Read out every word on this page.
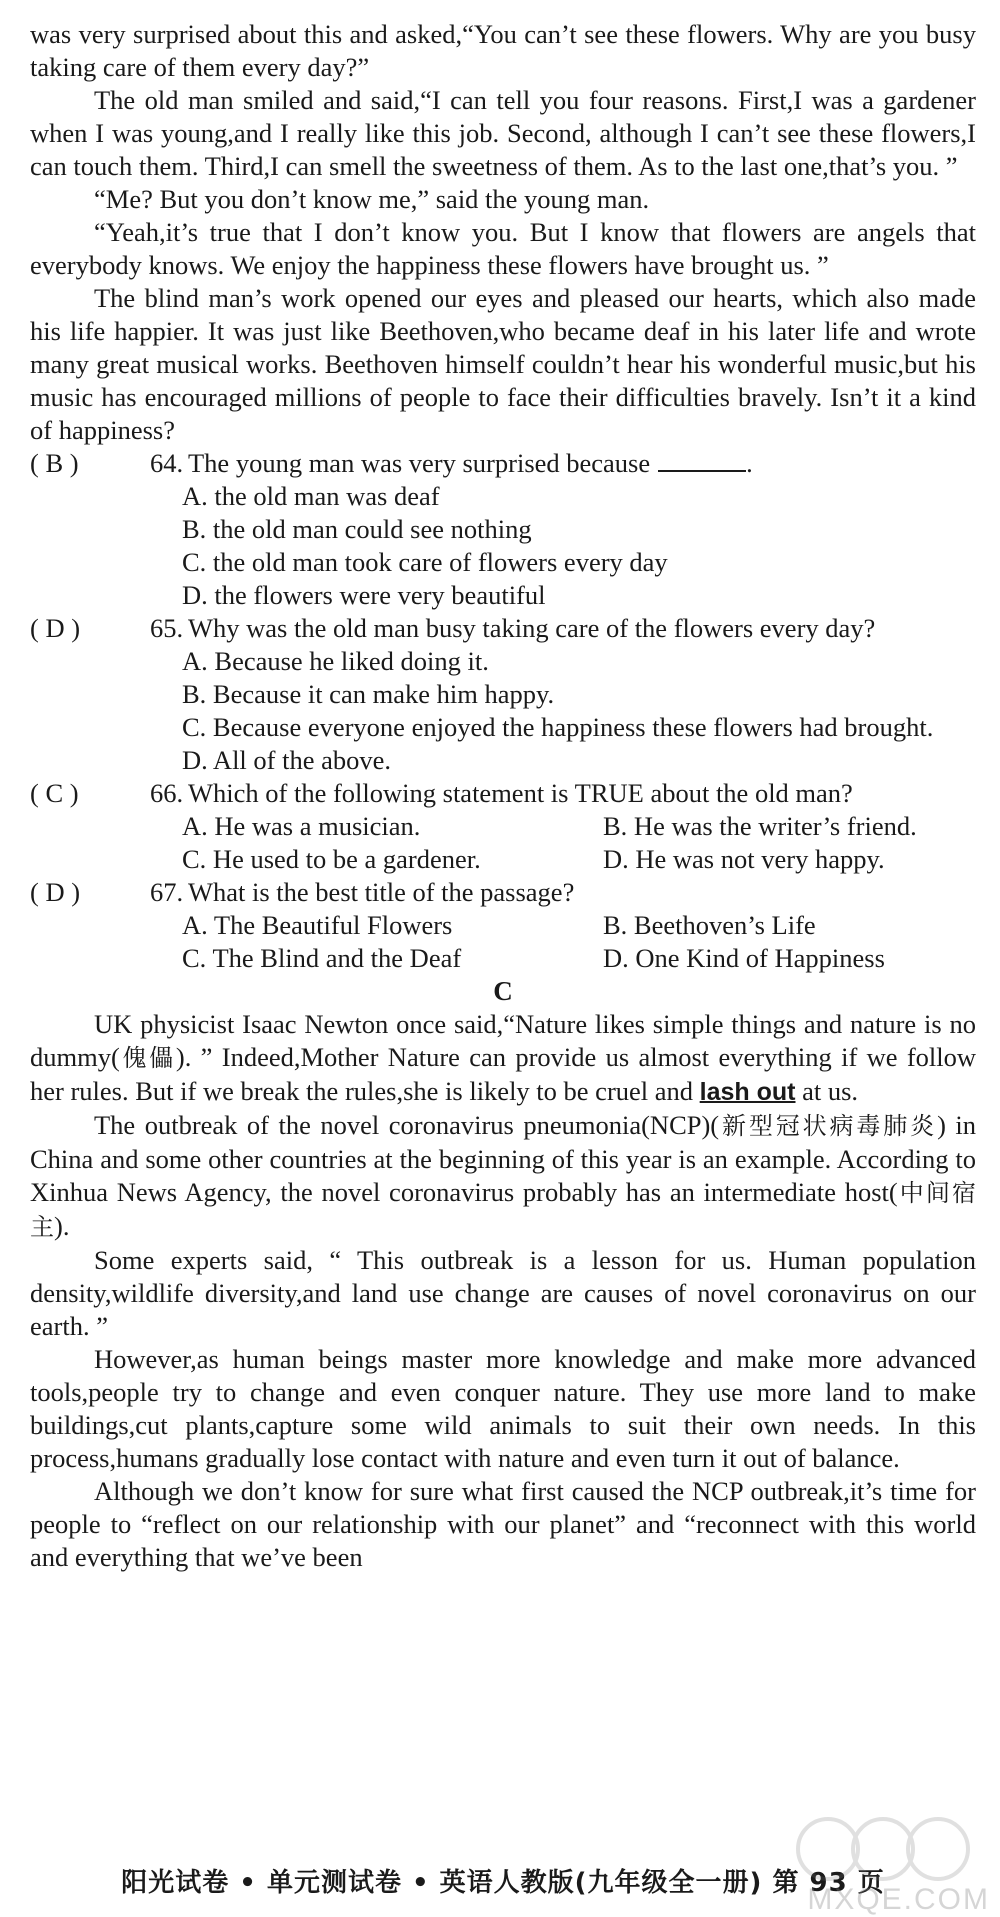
was very surprised about this and asked,“You can’t see these flowers. Why are you busy taking care of them every day?”

The old man smiled and said,“I can tell you four reasons. First,I was a gardener when I was young,and I really like this job. Second, although I can’t see these flowers,I can touch them. Third,I can smell the sweetness of them. As to the last one,that’s you. ”

“Me? But you don’t know me,” said the young man.

“Yeah,it’s true that I don’t know you. But I know that flowers are angels that everybody knows. We enjoy the happiness these flowers have brought us. ”

The blind man’s work opened our eyes and pleased our hearts, which also made his life happier. It was just like Beethoven,who became deaf in his later life and wrote many great musical works. Beethoven himself couldn’t hear his wonderful music,but his music has encouraged millions of people to face their difficulties bravely. Isn’t it a kind of happiness?

( B )	64. The young man was very surprised because	.

A. the old man was deaf

B. the old man could see nothing

C. the old man took care of flowers every day

D. the flowers were very beautiful

( D )	65. Why was the old man busy taking care of the flowers every day?

A. Because he liked doing it.

B. Because it can make him happy.

C. Because everyone enjoyed the happiness these flowers had brought.

D. All of the above.

( C )	66. Which of the following statement is TRUE about the old man?
A. He was a musician.	B. He was the writer’s friend.
C. He used to be a gardener.	D. He was not very happy.
( D )	67. What is the best title of the passage?
A. The Beautiful Flowers	B. Beethoven’s Life
C. The Blind and the Deaf	D. One Kind of Happiness

C

UK physicist Isaac Newton once said,“Nature likes simple things and nature is no dummy(傀儡). ” Indeed,Mother Nature can provide us almost everything if we follow her rules. But if we break the rules,she is likely to be cruel and lash out at us.

The outbreak of the novel coronavirus pneumonia(NCP)(新型冠状病毒肺炎) in China and some other countries at the beginning of this year is an example. According to Xinhua News Agency, the novel coronavirus probably has an intermediate host(中间宿主).

Some experts said, “ This outbreak is a lesson for us. Human population density,wildlife diversity,and land use change are causes of novel coronavirus on our earth. ”

However,as human beings master more knowledge and make more advanced tools,people try to change and even conquer nature. They use more land to make buildings,cut plants,capture some wild animals to suit their own needs. In this process,humans gradually lose contact with nature and even turn it out of balance.

Although we don’t know for sure what first caused the NCP outbreak,it’s time for people to “reflect on our relationship with our planet” and “reconnect with this world and everything that we’ve been

阳光试卷 • 单元测试卷 • 英语人教版(九年级全一册) 第 93 页
MXQE.COM
